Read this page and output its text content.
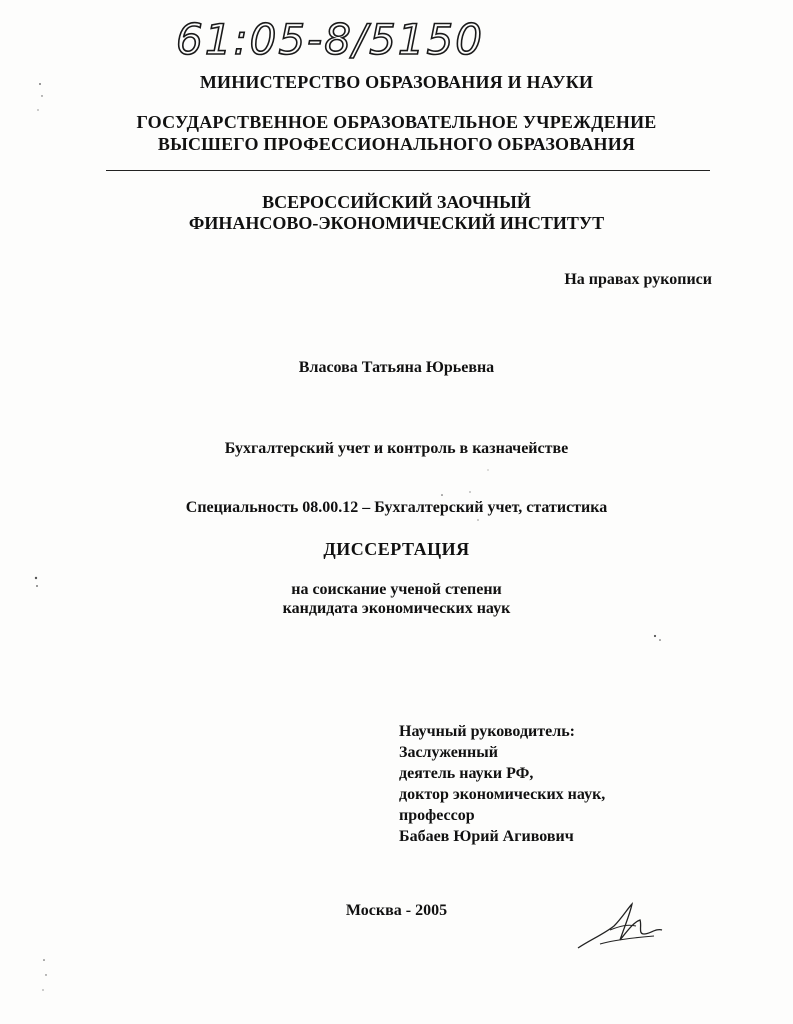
61:05-8/5150
МИНИСТЕРСТВО ОБРАЗОВАНИЯ И НАУКИ
ГОСУДАРСТВЕННОЕ ОБРАЗОВАТЕЛЬНОЕ УЧРЕЖДЕНИЕ
ВЫСШЕГО ПРОФЕССИОНАЛЬНОГО ОБРАЗОВАНИЯ
ВСЕРОССИЙСКИЙ ЗАОЧНЫЙ
ФИНАНСОВО-ЭКОНОМИЧЕСКИЙ ИНСТИТУТ
На правах рукописи
Власова Татьяна Юрьевна
Бухгалтерский учет и контроль в казначействе
Специальность 08.00.12 – Бухгалтерский учет, статистика
ДИССЕРТАЦИЯ
на соискание ученой степени
кандидата экономических наук
Научный руководитель:
Заслуженный
деятель науки РФ,
доктор экономических наук,
профессор
Бабаев Юрий Агивович
Москва - 2005
